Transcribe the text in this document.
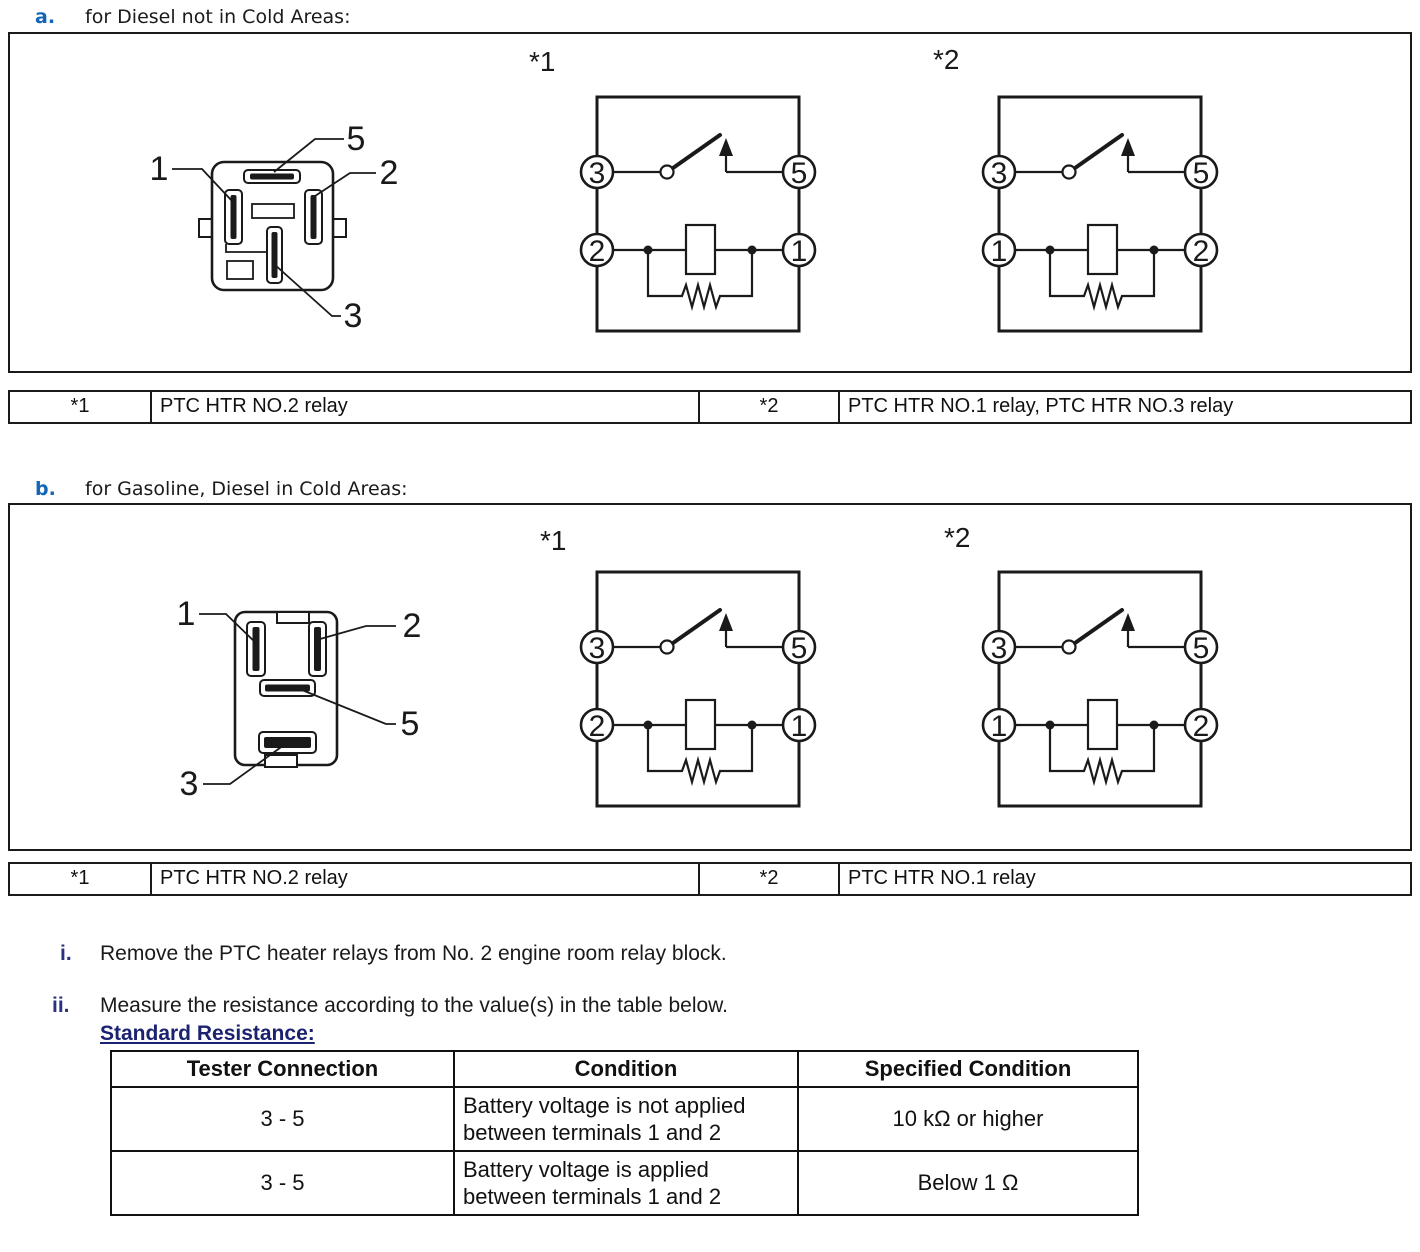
a. for Diesel not in Cold Areas:
*1	*2
5
1	2
3
3	5
2	1
3	5
1	2
*1	PTC HTR NO.2 relay	*2	PTC HTR NO.1 relay, PTC HTR NO.3 relay
b. for Gasoline, Diesel in Cold Areas:
*1	*2
1	2
5
3
3	5
2	1
3	5
1	2
*1	PTC HTR NO.2 relay	*2	PTC HTR NO.1 relay
i. Remove the PTC heater relays from No. 2 engine room relay block.
ii. Measure the resistance according to the value(s) in the table below.
Standard Resistance:
Tester Connection	Condition	Specified Condition
3 - 5	Battery voltage is not applied between terminals 1 and 2	10 kΩ or higher
3 - 5	Battery voltage is applied between terminals 1 and 2	Below 1 Ω
